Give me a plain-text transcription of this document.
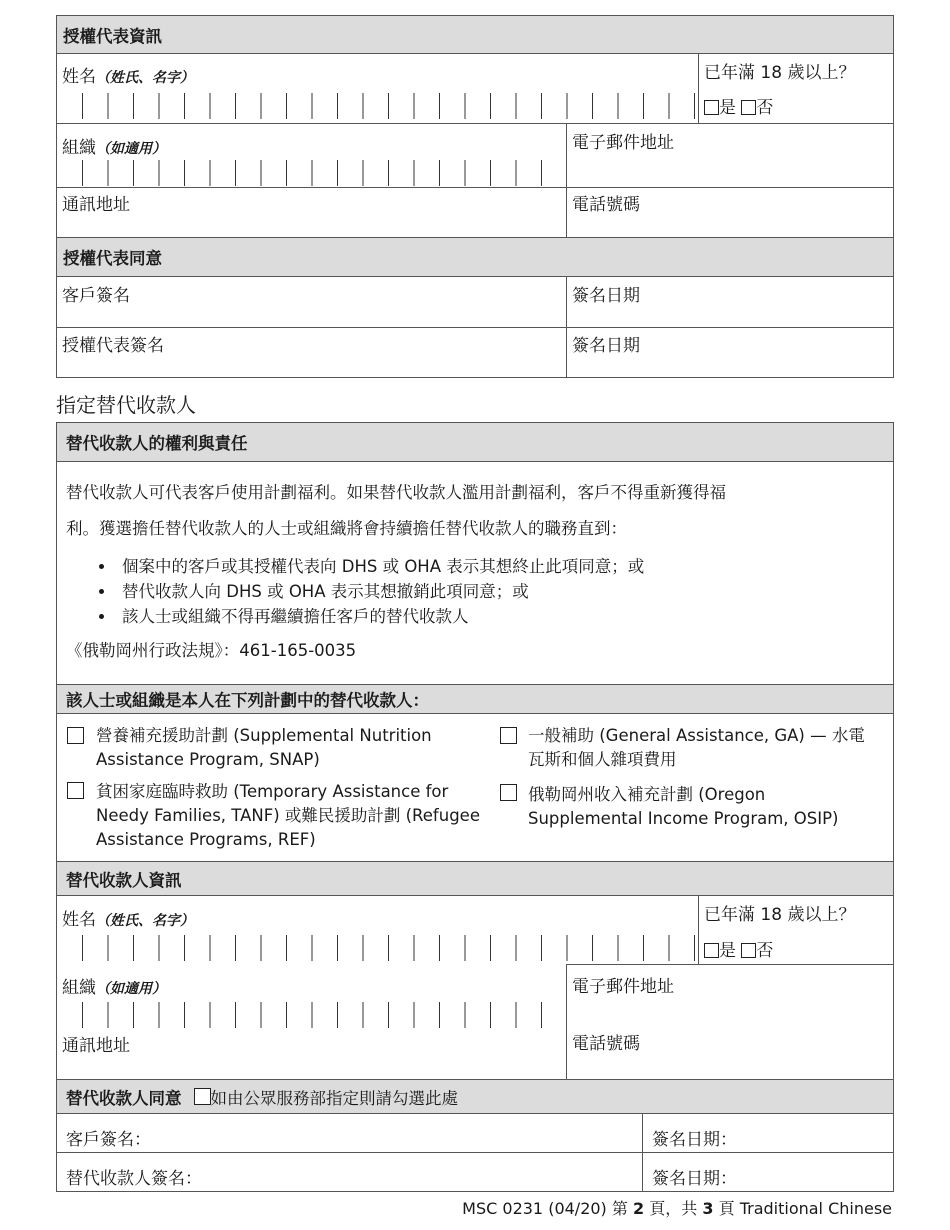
授權代表資訊
姓名（姓氏、名字）	已年滿 18 歲以上？
是 否
組織（如適用）	電子郵件地址
通訊地址	電話號碼
授權代表同意
客戶簽名	簽名日期
授權代表簽名	簽名日期
指定替代收款人
替代收款人的權利與責任
替代收款人可代表客戶使用計劃福利。如果替代收款人濫用計劃福利，客戶不得重新獲得福
利。獲選擔任替代收款人的人士或組織將會持續擔任替代收款人的職務直到：
• 個案中的客戶或其授權代表向 DHS 或 OHA 表示其想終止此項同意；或
• 替代收款人向 DHS 或 OHA 表示其想撤銷此項同意；或
• 該人士或組織不得再繼續擔任客戶的替代收款人
《俄勒岡州行政法規》：461-165-0035
該人士或組織是本人在下列計劃中的替代收款人：
營養補充援助計劃 (Supplemental Nutrition Assistance Program, SNAP)
貧困家庭臨時救助 (Temporary Assistance for Needy Families, TANF) 或難民援助計劃 (Refugee Assistance Programs, REF)
一般補助 (General Assistance, GA) — 水電瓦斯和個人雜項費用
俄勒岡州收入補充計劃 (Oregon Supplemental Income Program, OSIP)
替代收款人資訊
姓名（姓氏、名字）	已年滿 18 歲以上？
是 否
組織（如適用）	電子郵件地址
通訊地址	電話號碼
替代收款人同意 如由公眾服務部指定則請勾選此處
客戶簽名：	簽名日期：
替代收款人簽名：	簽名日期：
MSC 0231 (04/20) 第 2 頁，共 3 頁 Traditional Chinese
